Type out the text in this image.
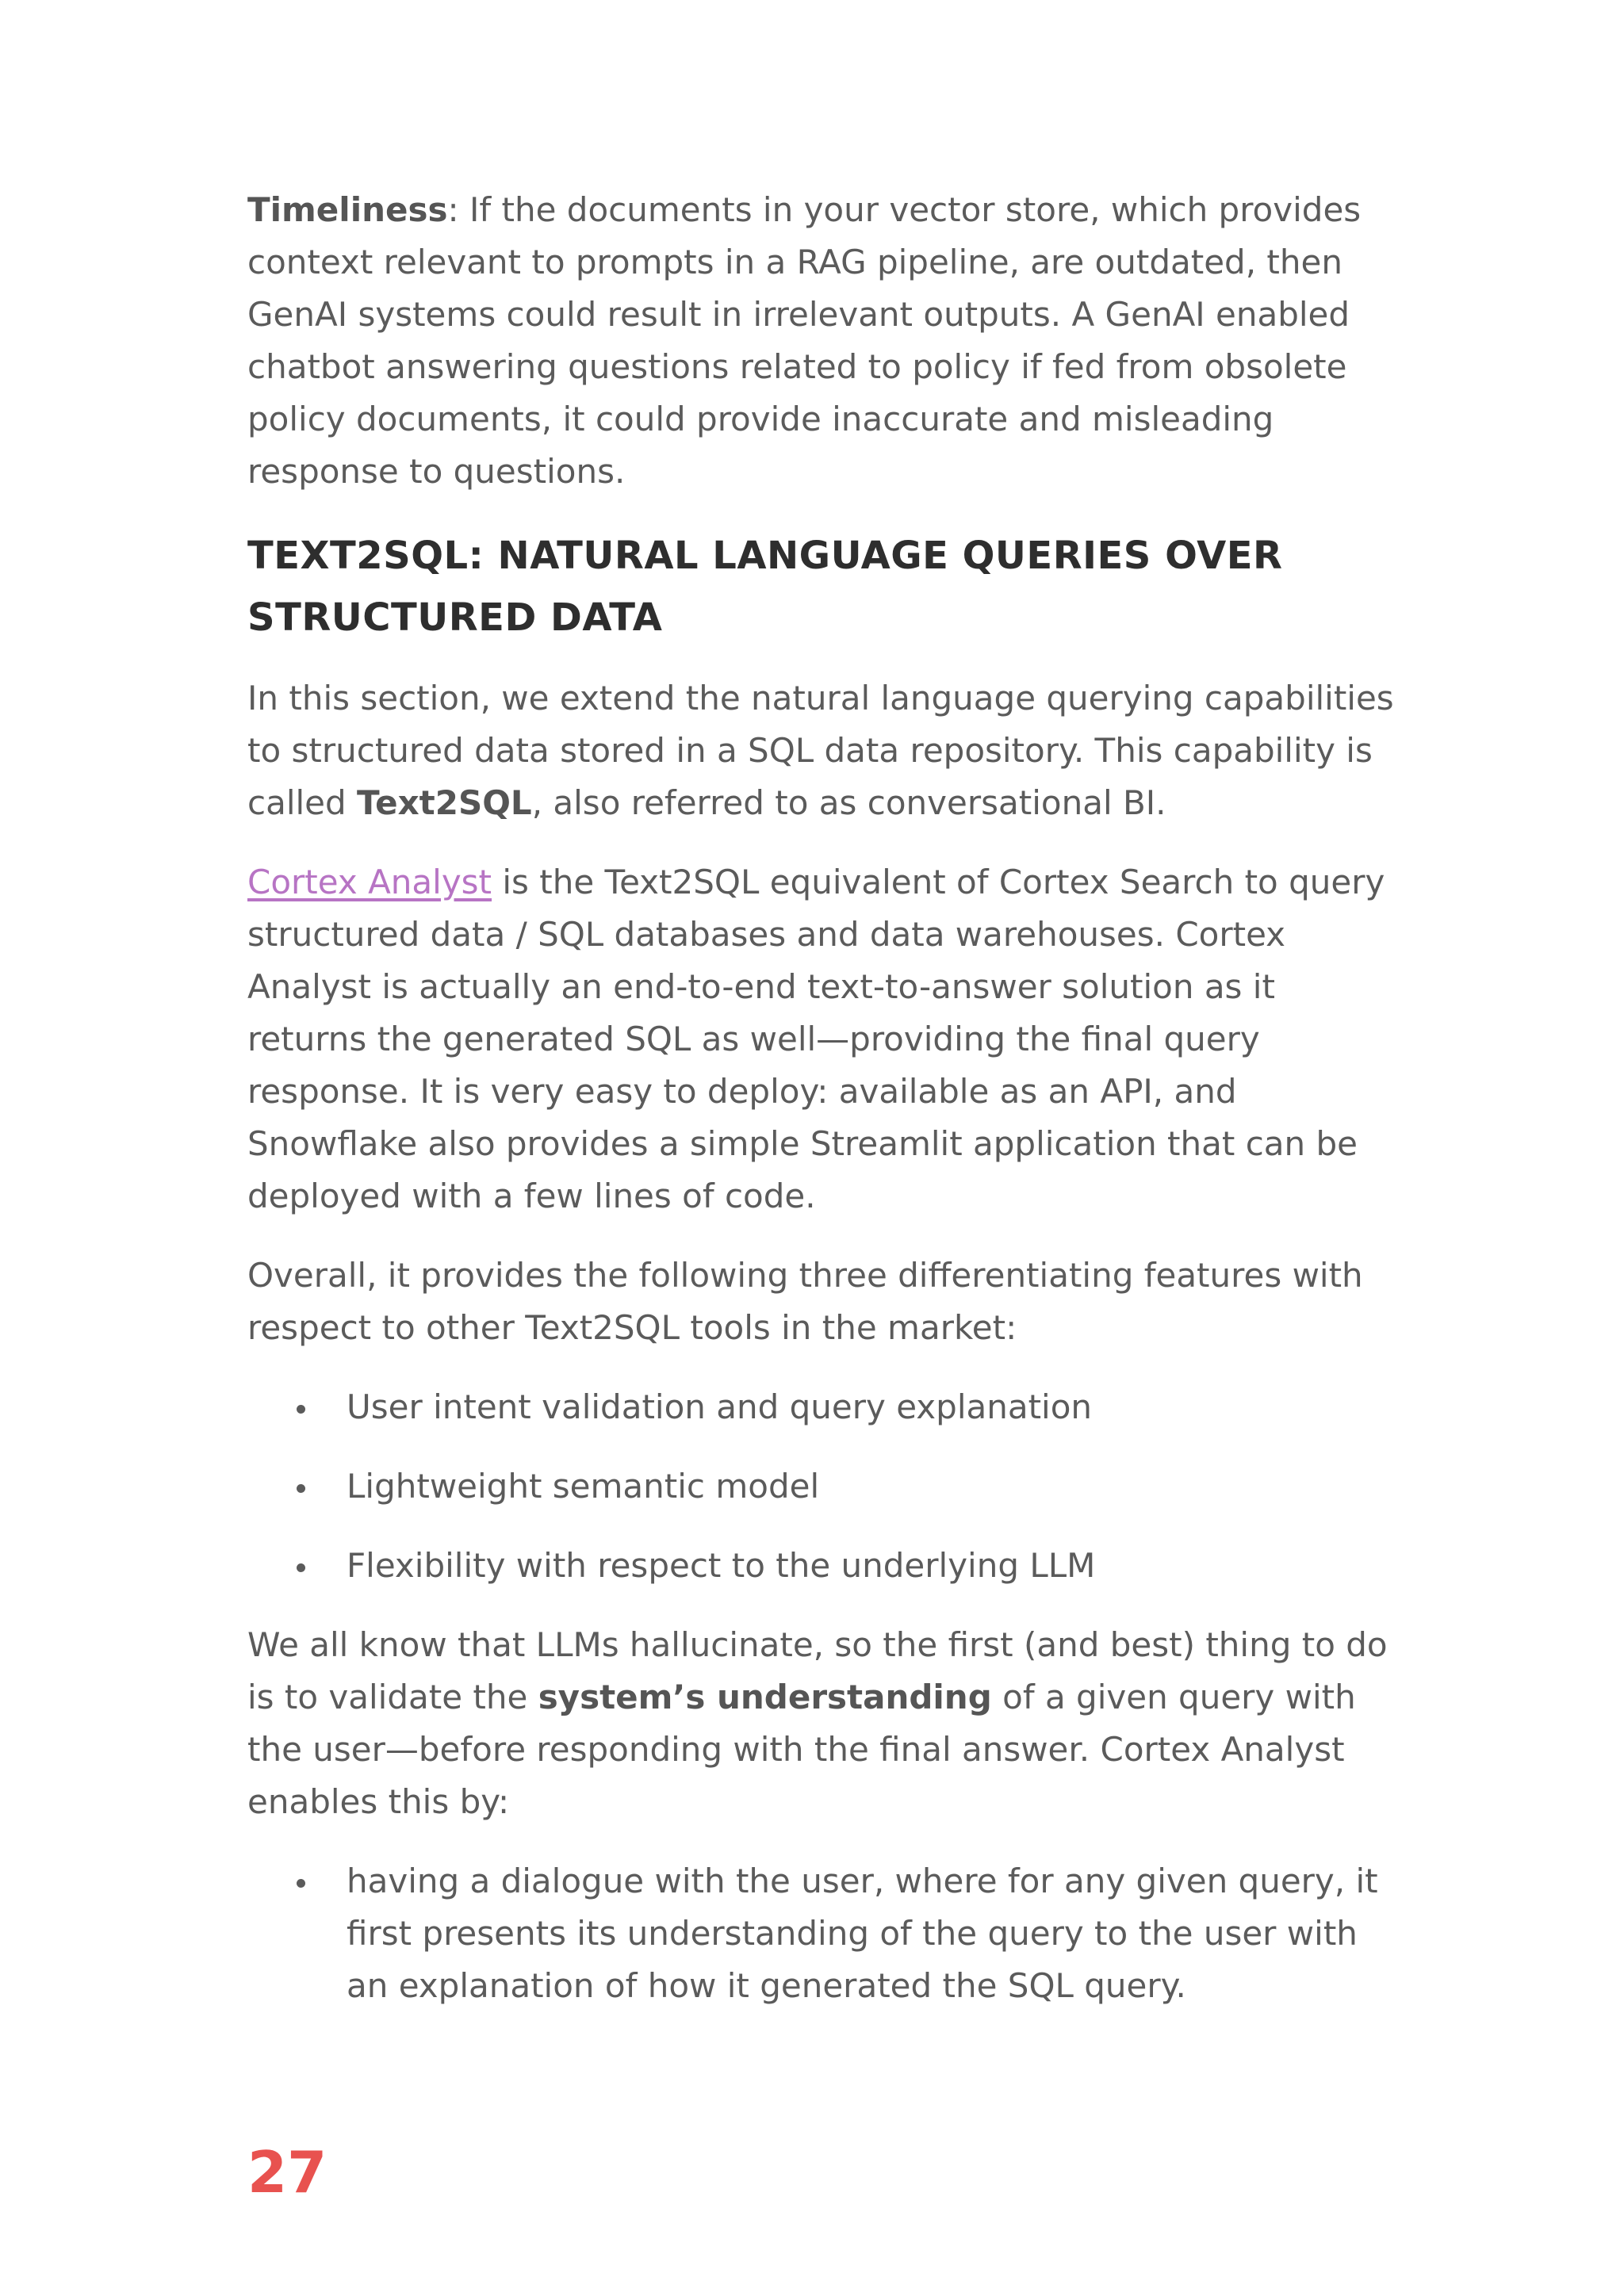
Timeliness: If the documents in your vector store, which provides context relevant to prompts in a RAG pipeline, are outdated, then GenAI systems could result in irrelevant outputs. A GenAI enabled chatbot answering questions related to policy if fed from obsolete policy documents, it could provide inaccurate and misleading response to questions.

TEXT2SQL: NATURAL LANGUAGE QUERIES OVER
STRUCTURED DATA

In this section, we extend the natural language querying capabilities to structured data stored in a SQL data repository. This capability is called Text2SQL, also referred to as conversational BI.

Cortex Analyst is the Text2SQL equivalent of Cortex Search to query structured data / SQL databases and data warehouses. Cortex Analyst is actually an end-to-end text-to-answer solution as it returns the generated SQL as well—providing the final query response. It is very easy to deploy: available as an API, and Snowflake also provides a simple Streamlit application that can be deployed with a few lines of code.

Overall, it provides the following three differentiating features with respect to other Text2SQL tools in the market:

User intent validation and query explanation
Lightweight semantic model
Flexibility with respect to the underlying LLM

We all know that LLMs hallucinate, so the first (and best) thing to do is to validate the system’s understanding of a given query with the user—before responding with the final answer. Cortex Analyst enables this by:

having a dialogue with the user, where for any given query, it first presents its understanding of the query to the user with an explanation of how it generated the SQL query.
27
